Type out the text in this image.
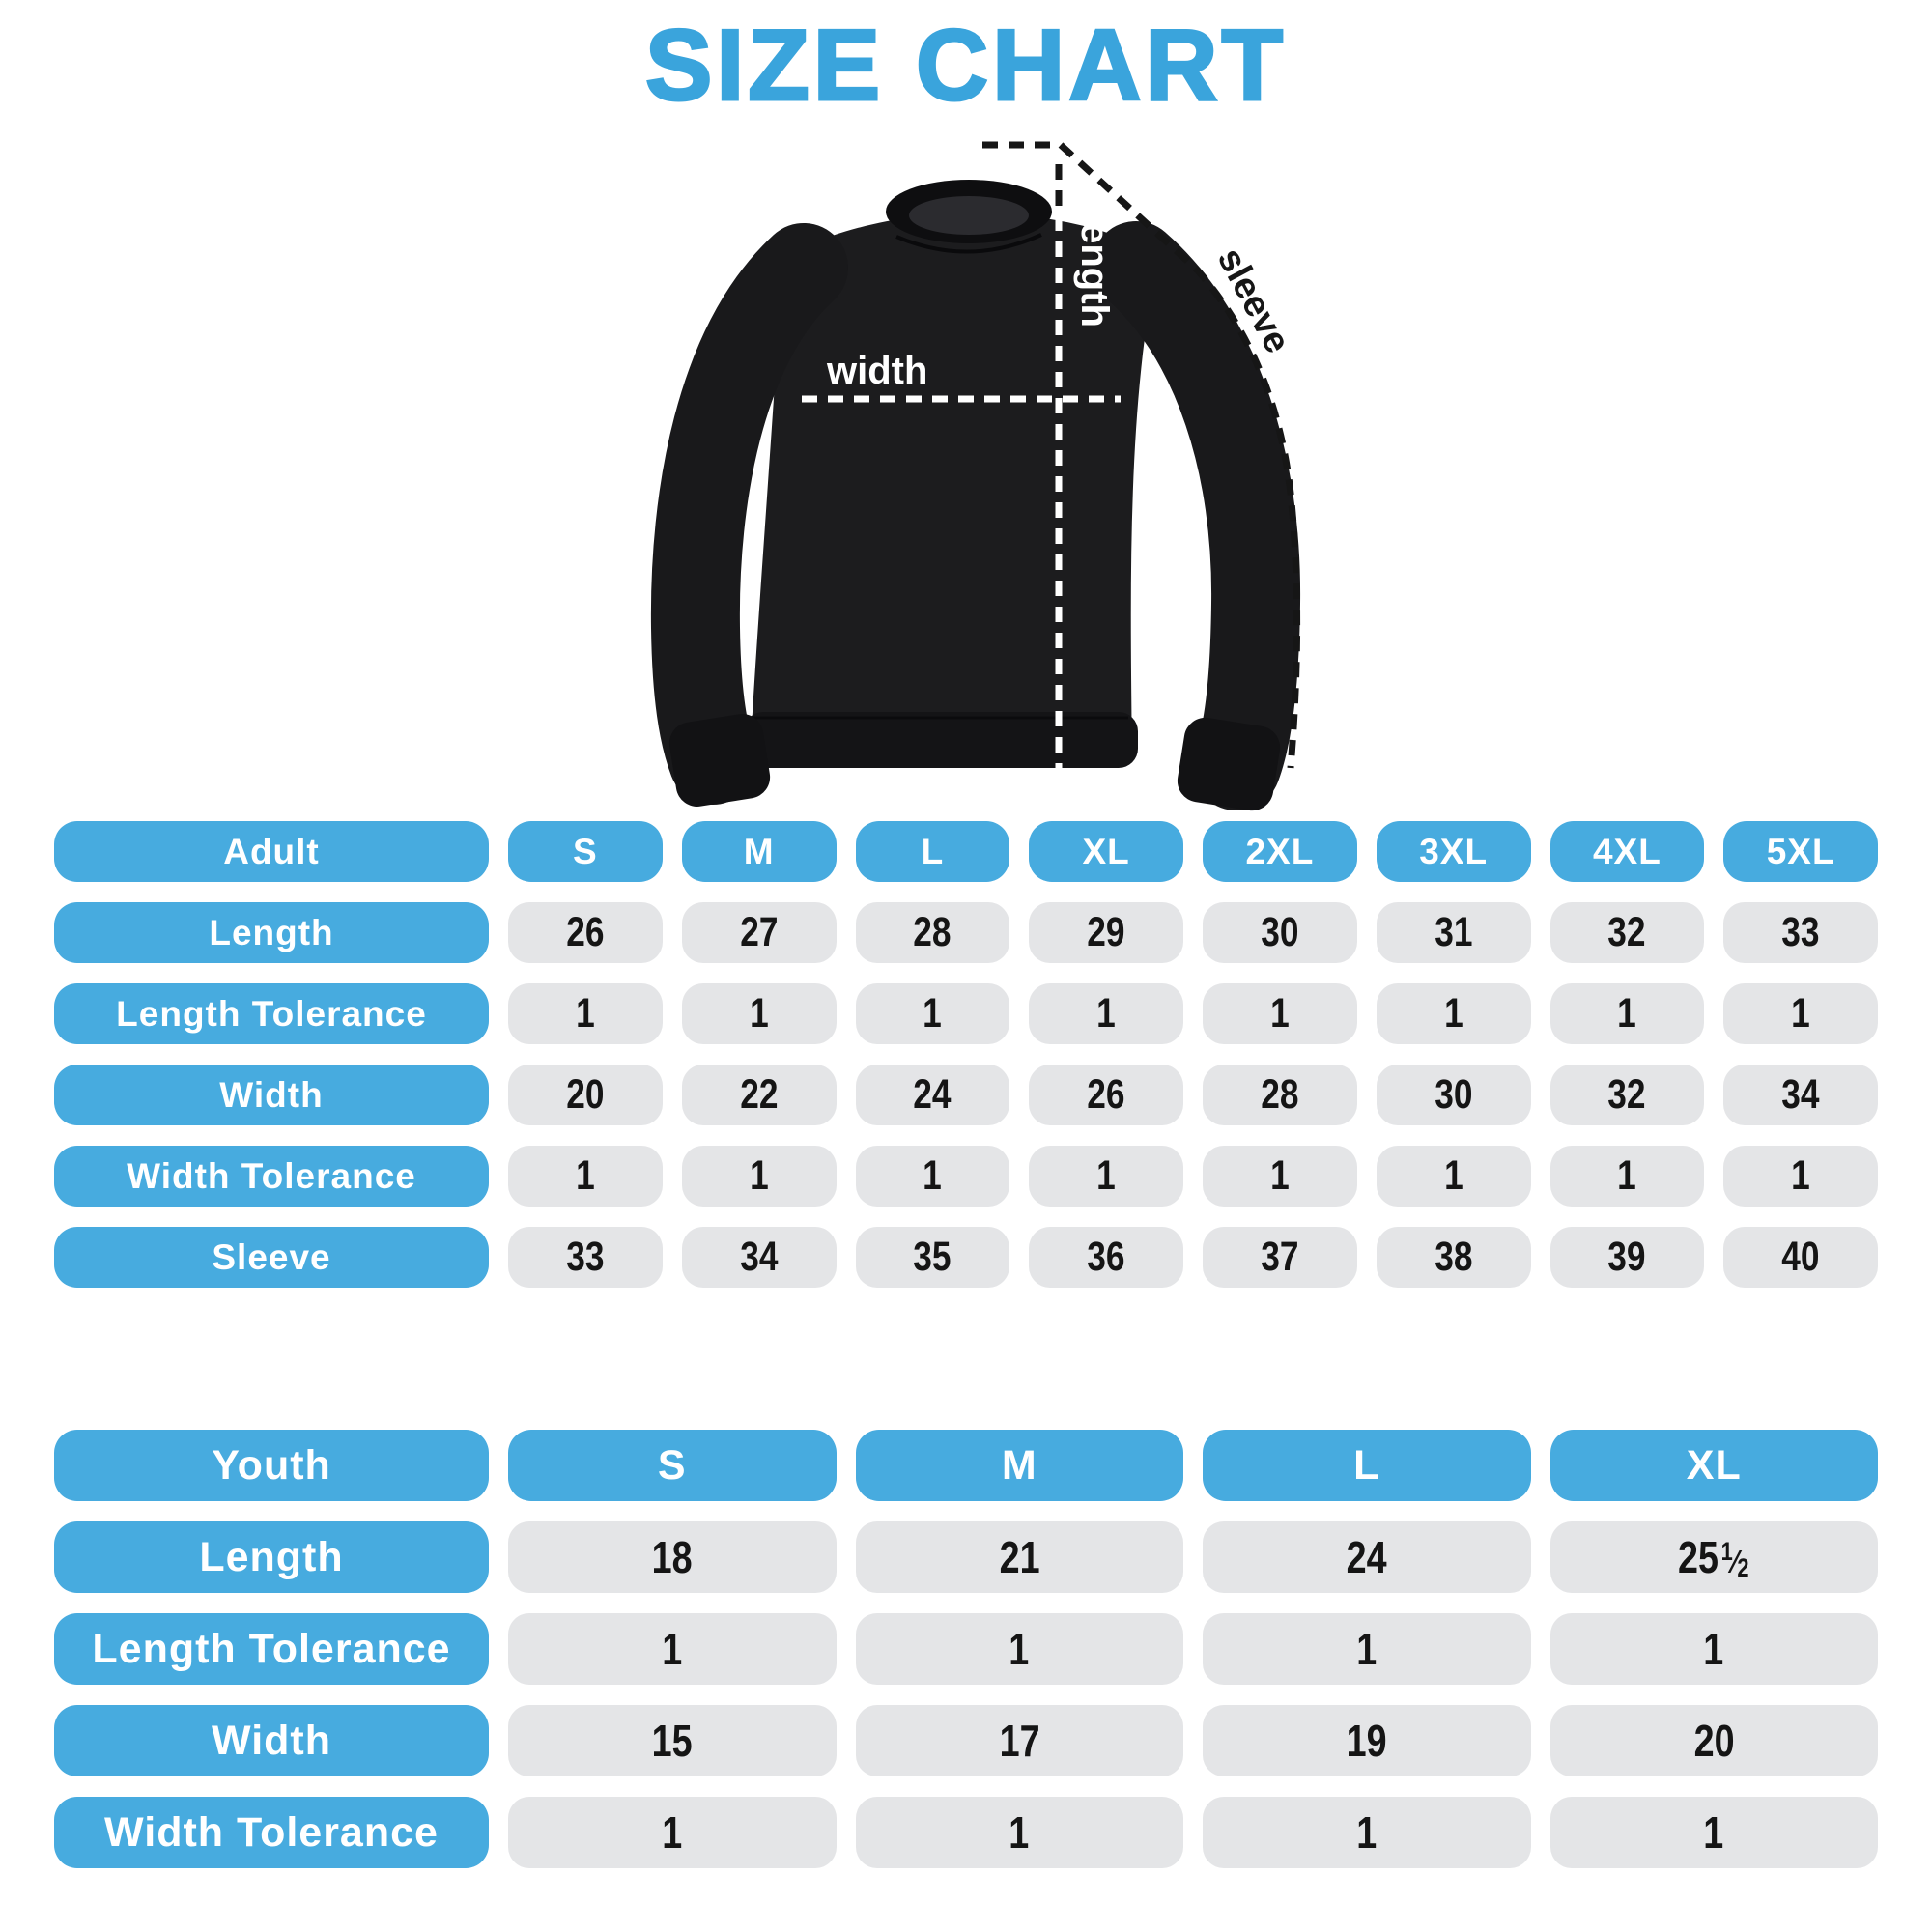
SIZE CHART
width
length	sleeve
Adult	S	M	L	XL	2XL	3XL	4XL	5XL
Length	26	27	28	29	30	31	32	33
Length Tolerance	1	1	1	1	1	1	1	1
Width	20	22	24	26	28	30	32	34
Width Tolerance	1	1	1	1	1	1	1	1
Sleeve	33	34	35	36	37	38	39	40
Youth	S	M	L	XL
Length	18	21	24	$25^1⁄_2$
Length Tolerance	1	1	1	1
Width	15	17	19	20
Width Tolerance	1	1	1	1
